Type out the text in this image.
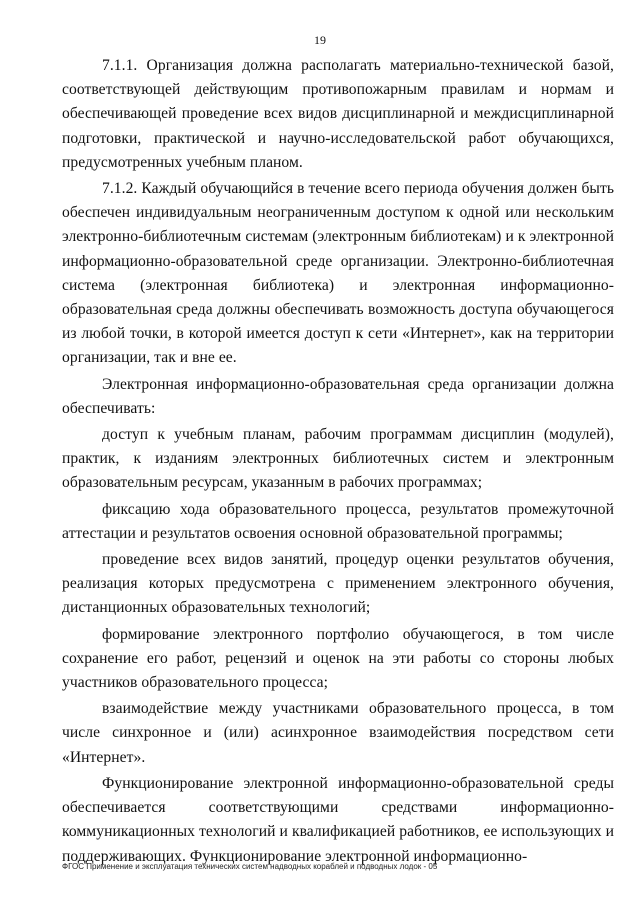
19

7.1.1. Организация должна располагать материально-технической базой, соответствующей действующим противопожарным правилам и нормам и обеспечивающей проведение всех видов дисциплинарной и междисциплинарной подготовки, практической и научно-исследовательской работ обучающихся, предусмотренных учебным планом.

7.1.2. Каждый обучающийся в течение всего периода обучения должен быть обеспечен индивидуальным неограниченным доступом к одной или нескольким электронно-библиотечным системам (электронным библиотекам) и к электронной информационно-образовательной среде организации. Электронно-библиотечная система (электронная библиотека) и электронная информационно-образовательная среда должны обеспечивать возможность доступа обучающегося из любой точки, в которой имеется доступ к сети «Интернет», как на территории организации, так и вне ее.

Электронная информационно-образовательная среда организации должна обеспечивать:

доступ к учебным планам, рабочим программам дисциплин (модулей), практик, к изданиям электронных библиотечных систем и электронным образовательным ресурсам, указанным в рабочих программах;

фиксацию хода образовательного процесса, результатов промежуточной аттестации и результатов освоения основной образовательной программы;

проведение всех видов занятий, процедур оценки результатов обучения, реализация которых предусмотрена с применением электронного обучения, дистанционных образовательных технологий;

формирование электронного портфолио обучающегося, в том числе сохранение его работ, рецензий и оценок на эти работы со стороны любых участников образовательного процесса;

взаимодействие между участниками образовательного процесса, в том числе синхронное и (или) асинхронное взаимодействия посредством сети «Интернет».

Функционирование электронной информационно-образовательной среды обеспечивается соответствующими средствами информационно-коммуникационных технологий и квалификацией работников, ее использующих и поддерживающих. Функционирование электронной информационно-

ФГОС Применение и эксплуатация технических систем надводных кораблей и подводных лодок - 05
